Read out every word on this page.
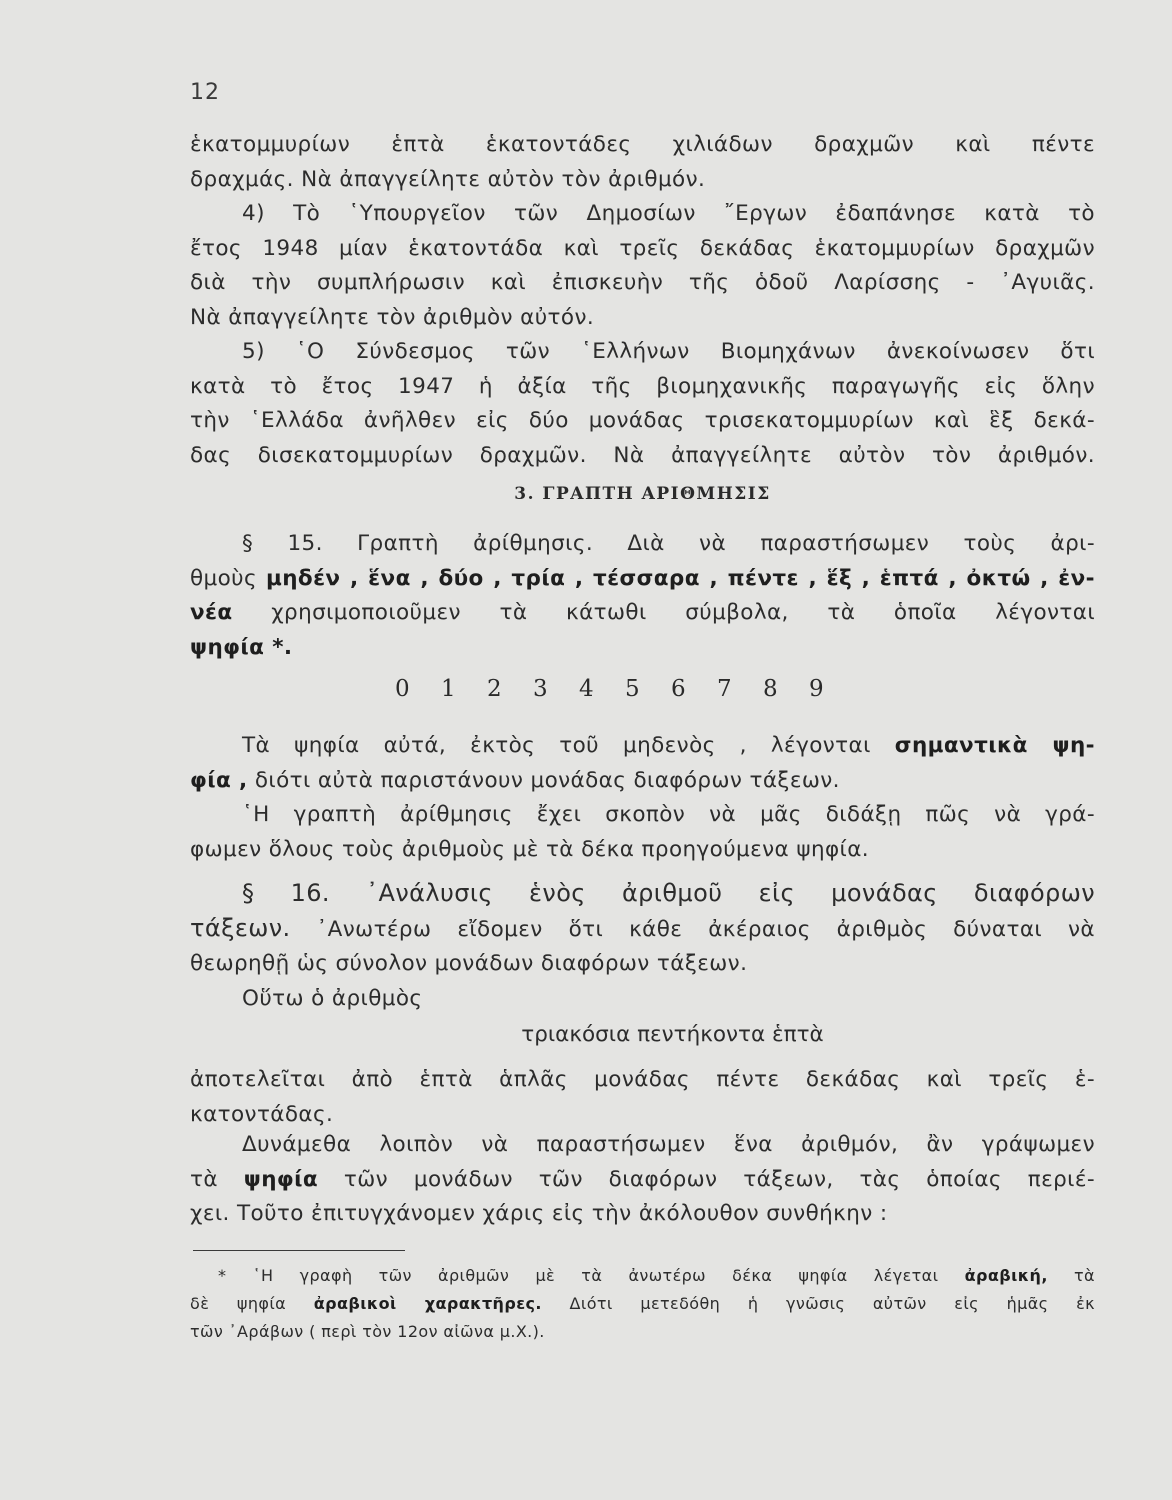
12
ἑκατομμυρίων ἑπτὰ ἑκατοντάδες χιλιάδων δραχμῶν καὶ πέντε
δραχμάς. Νὰ ἀπαγγείλητε αὐτὸν τὸν ἀριθμόν.
4) Τὸ ῾Υπουργεῖον τῶν Δημοσίων ῎Εργων ἐδαπάνησε κατὰ τὸ
ἔτος 1948 μίαν ἑκατοντάδα καὶ τρεῖς δεκάδας ἑκατομμυρίων δραχμῶν
διὰ τὴν συμπλήρωσιν καὶ ἐπισκευὴν τῆς ὁδοῦ Λαρίσσης - ᾿Αγυιᾶς.
Νὰ ἀπαγγείλητε τὸν ἀριθμὸν αὐτόν.
5) ῾Ο Σύνδεσμος τῶν ῾Ελλήνων Βιομηχάνων ἀνεκοίνωσεν ὅτι
κατὰ τὸ ἔτος 1947 ἡ ἀξία τῆς βιομηχανικῆς παραγωγῆς εἰς ὅλην
τὴν ῾Ελλάδα ἀνῆλθεν εἰς δύο μονάδας τρισεκατομμυρίων καὶ ἓξ δεκά-
δας δισεκατομμυρίων δραχμῶν. Νὰ ἀπαγγείλητε αὐτὸν τὸν ἀριθμόν.
3. ΓΡΑΠΤΗ ΑΡΙΘΜΗΣΙΣ
§ 15. Γραπτὴ ἀρίθμησις. Διὰ νὰ παραστήσωμεν τοὺς ἀρι-
θμοὺς μηδέν , ἕνα , δύο , τρία , τέσσαρα , πέντε , ἕξ , ἑπτά , ὀκτώ , ἐν-
νέα χρησιμοποιοῦμεν τὰ κάτωθι σύμβολα, τὰ ὁποῖα λέγονται
ψηφία *.
0	1	2	3	4	5	6	7	8	9
Τὰ ψηφία αὐτά, ἐκτὸς τοῦ μηδενὸς , λέγονται σημαντικὰ ψη-
φία , διότι αὐτὰ παριστάνουν μονάδας διαφόρων τάξεων.
῾Η γραπτὴ ἀρίθμησις ἔχει σκοπὸν νὰ μᾶς διδάξῃ πῶς νὰ γρά-
φωμεν ὅλους τοὺς ἀριθμοὺς μὲ τὰ δέκα προηγούμενα ψηφία.
§ 16. ᾿Ανάλυσις ἑνὸς ἀριθμοῦ εἰς μονάδας διαφόρων
τάξεων. ᾿Ανωτέρω εἴδομεν ὅτι κάθε ἀκέραιος ἀριθμὸς δύναται νὰ
θεωρηθῇ ὡς σύνολον μονάδων διαφόρων τάξεων.
Οὕτω ὁ ἀριθμὸς
τριακόσια πεντήκοντα ἑπτὰ
ἀποτελεῖται ἀπὸ ἑπτὰ ἁπλᾶς μονάδας πέντε δεκάδας καὶ τρεῖς ἑ-
κατοντάδας.
Δυνάμεθα λοιπὸν νὰ παραστήσωμεν ἕνα ἀριθμόν, ἂν γράψωμεν
τὰ ψηφία τῶν μονάδων τῶν διαφόρων τάξεων, τὰς ὁποίας περιέ-
χει. Τοῦτο ἐπιτυγχάνομεν χάρις εἰς τὴν ἀκόλουθον συνθήκην :
* ῾Η γραφὴ τῶν ἀριθμῶν μὲ τὰ ἀνωτέρω δέκα ψηφία λέγεται ἀραβική, τὰ
δὲ ψηφία ἀραβικοὶ χαρακτῆρες. Διότι μετεδόθη ἡ γνῶσις αὐτῶν εἰς ἡμᾶς ἐκ
τῶν ᾿Αράβων ( περὶ τὸν 12ον αἰῶνα μ.Χ.).
